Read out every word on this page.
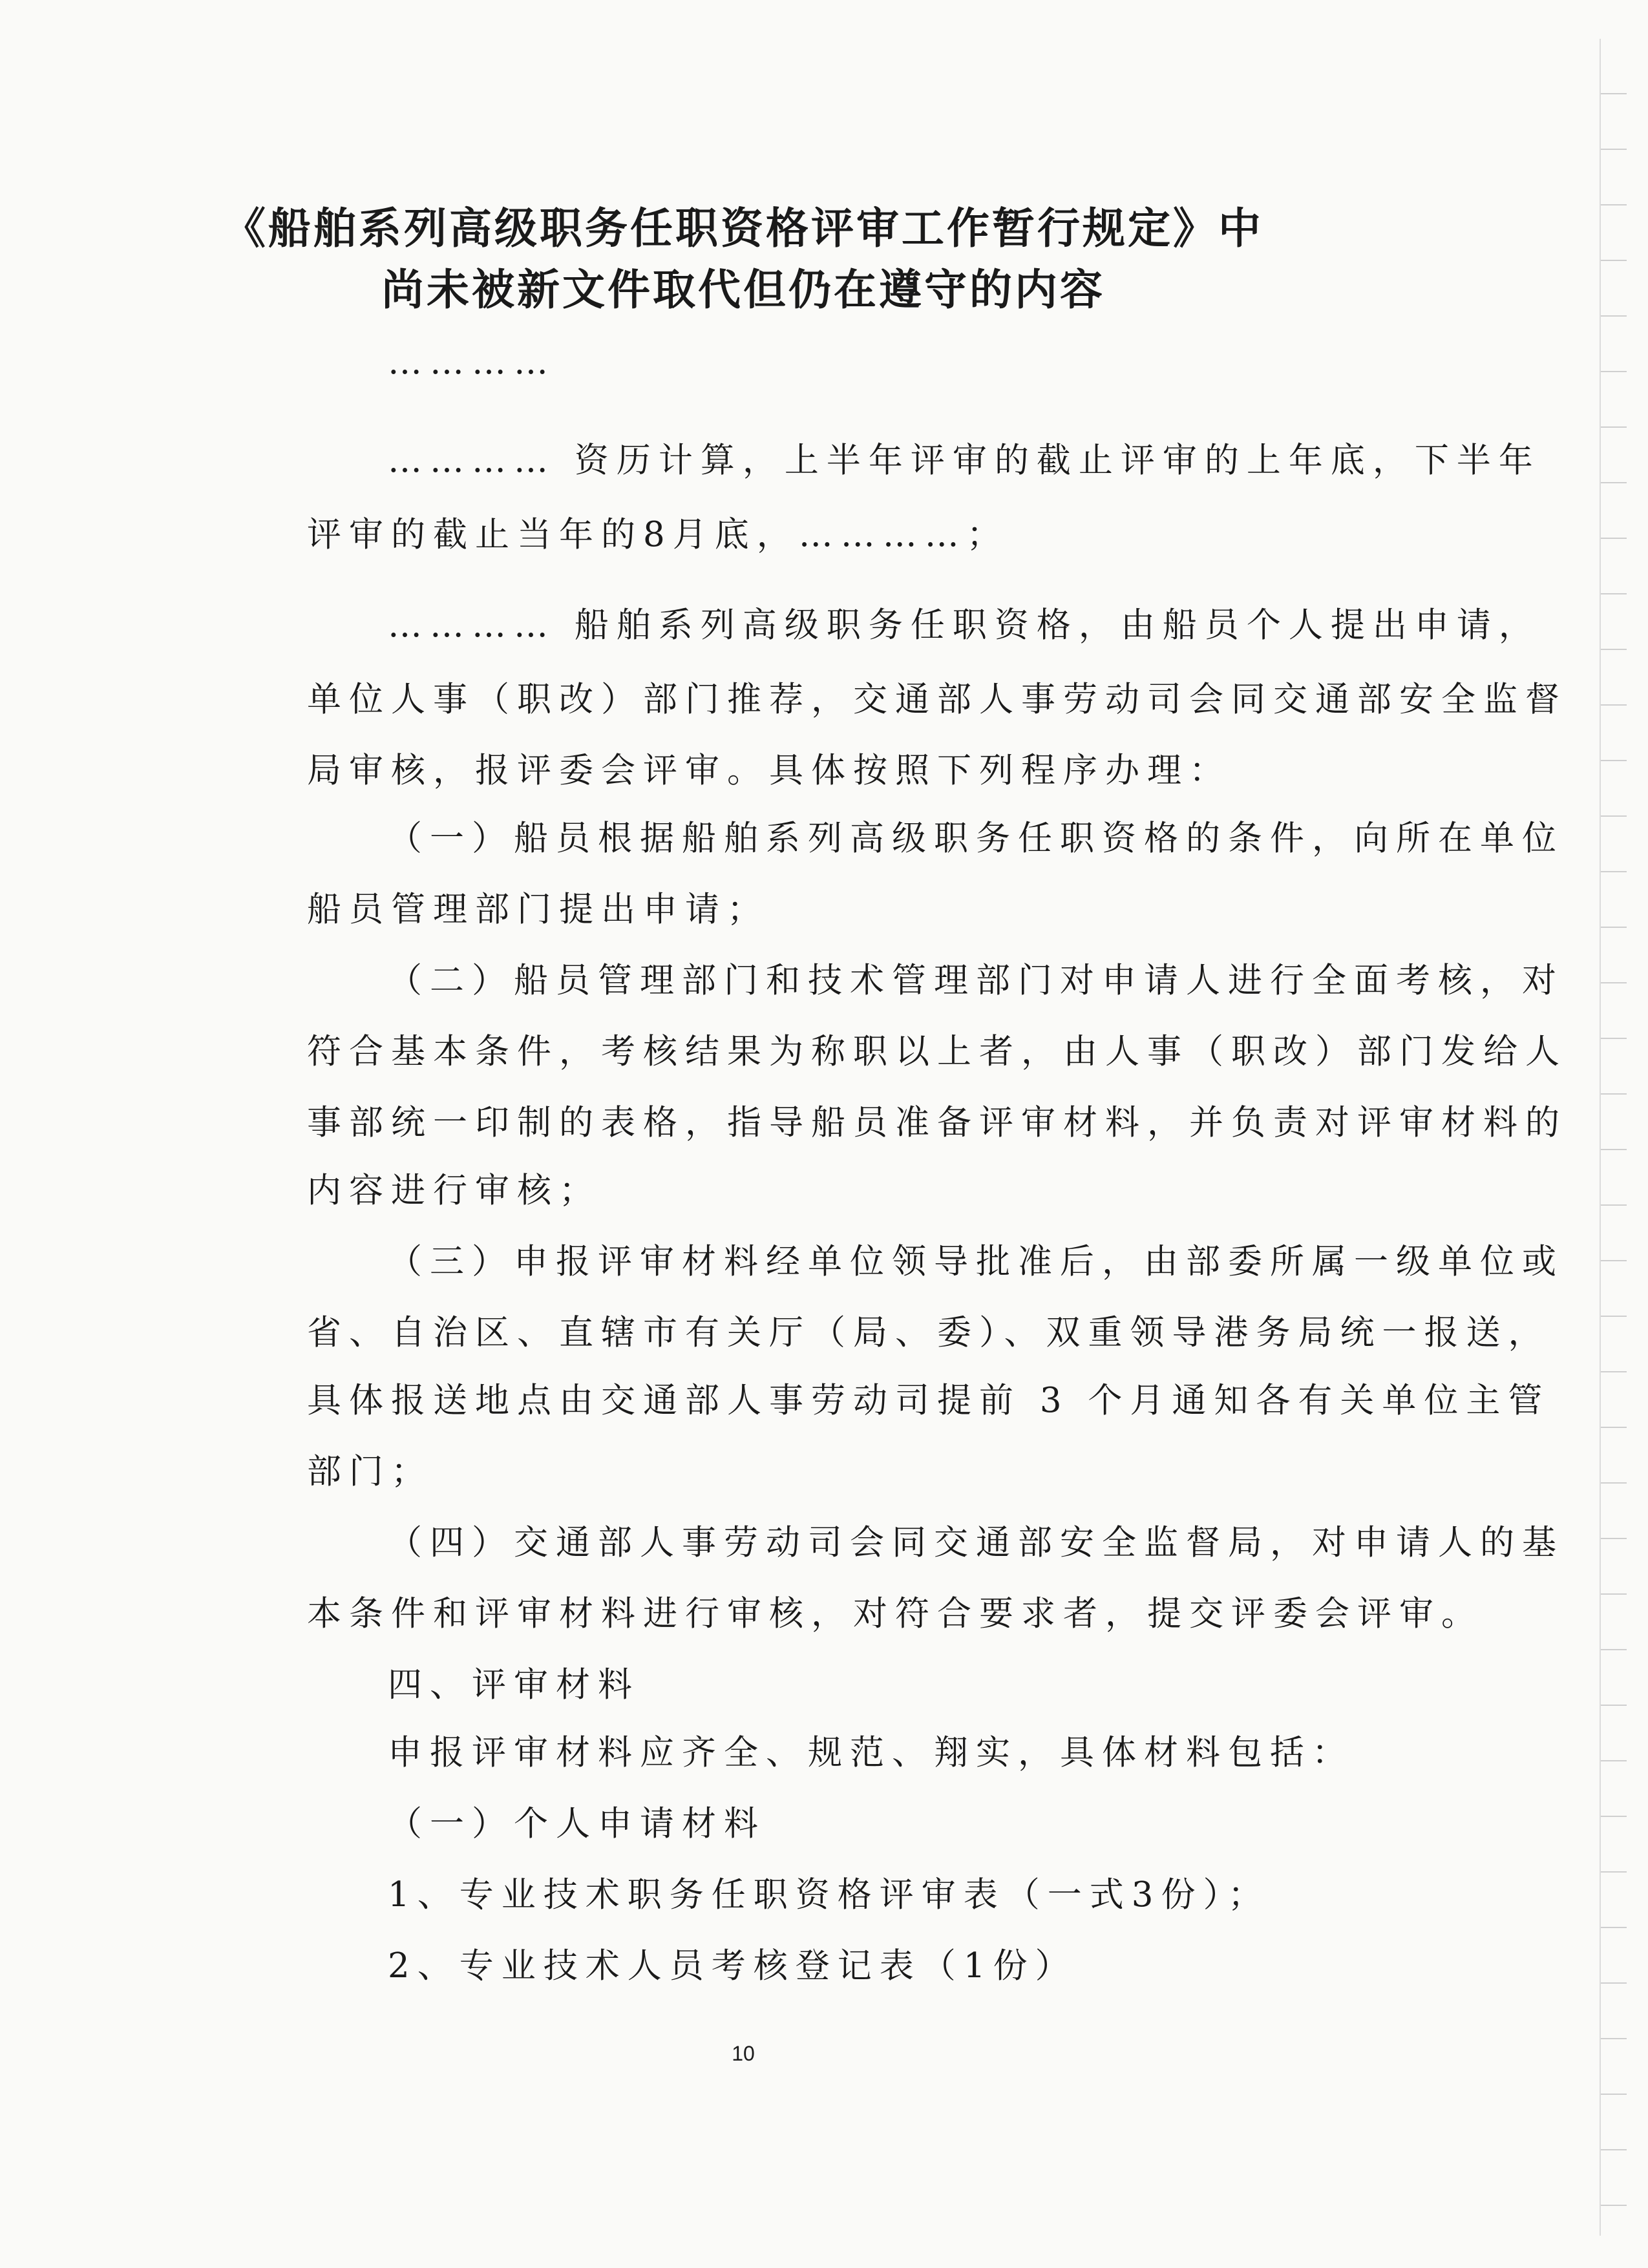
《船舶系列高级职务任职资格评审工作暂行规定》中
尚未被新文件取代但仍在遵守的内容
…………
………… 资历计算，上半年评审的截止评审的上年底，下半年
评审的截止当年的8月底，…………；
………… 船舶系列高级职务任职资格，由船员个人提出申请，
单位人事（职改）部门推荐，交通部人事劳动司会同交通部安全监督
局审核，报评委会评审。具体按照下列程序办理：
（一）船员根据船舶系列高级职务任职资格的条件，向所在单位
船员管理部门提出申请；
（二）船员管理部门和技术管理部门对申请人进行全面考核，对
符合基本条件，考核结果为称职以上者，由人事（职改）部门发给人
事部统一印制的表格，指导船员准备评审材料，并负责对评审材料的
内容进行审核；
（三）申报评审材料经单位领导批准后，由部委所属一级单位或
省、自治区、直辖市有关厅（局、委）、双重领导港务局统一报送，
具体报送地点由交通部人事劳动司提前 3 个月通知各有关单位主管
部门；
（四）交通部人事劳动司会同交通部安全监督局，对申请人的基
本条件和评审材料进行审核，对符合要求者，提交评委会评审。
四、评审材料
申报评审材料应齐全、规范、翔实，具体材料包括：
（一）个人申请材料
1、专业技术职务任职资格评审表（一式3份）；
2、专业技术人员考核登记表（1份）
10
